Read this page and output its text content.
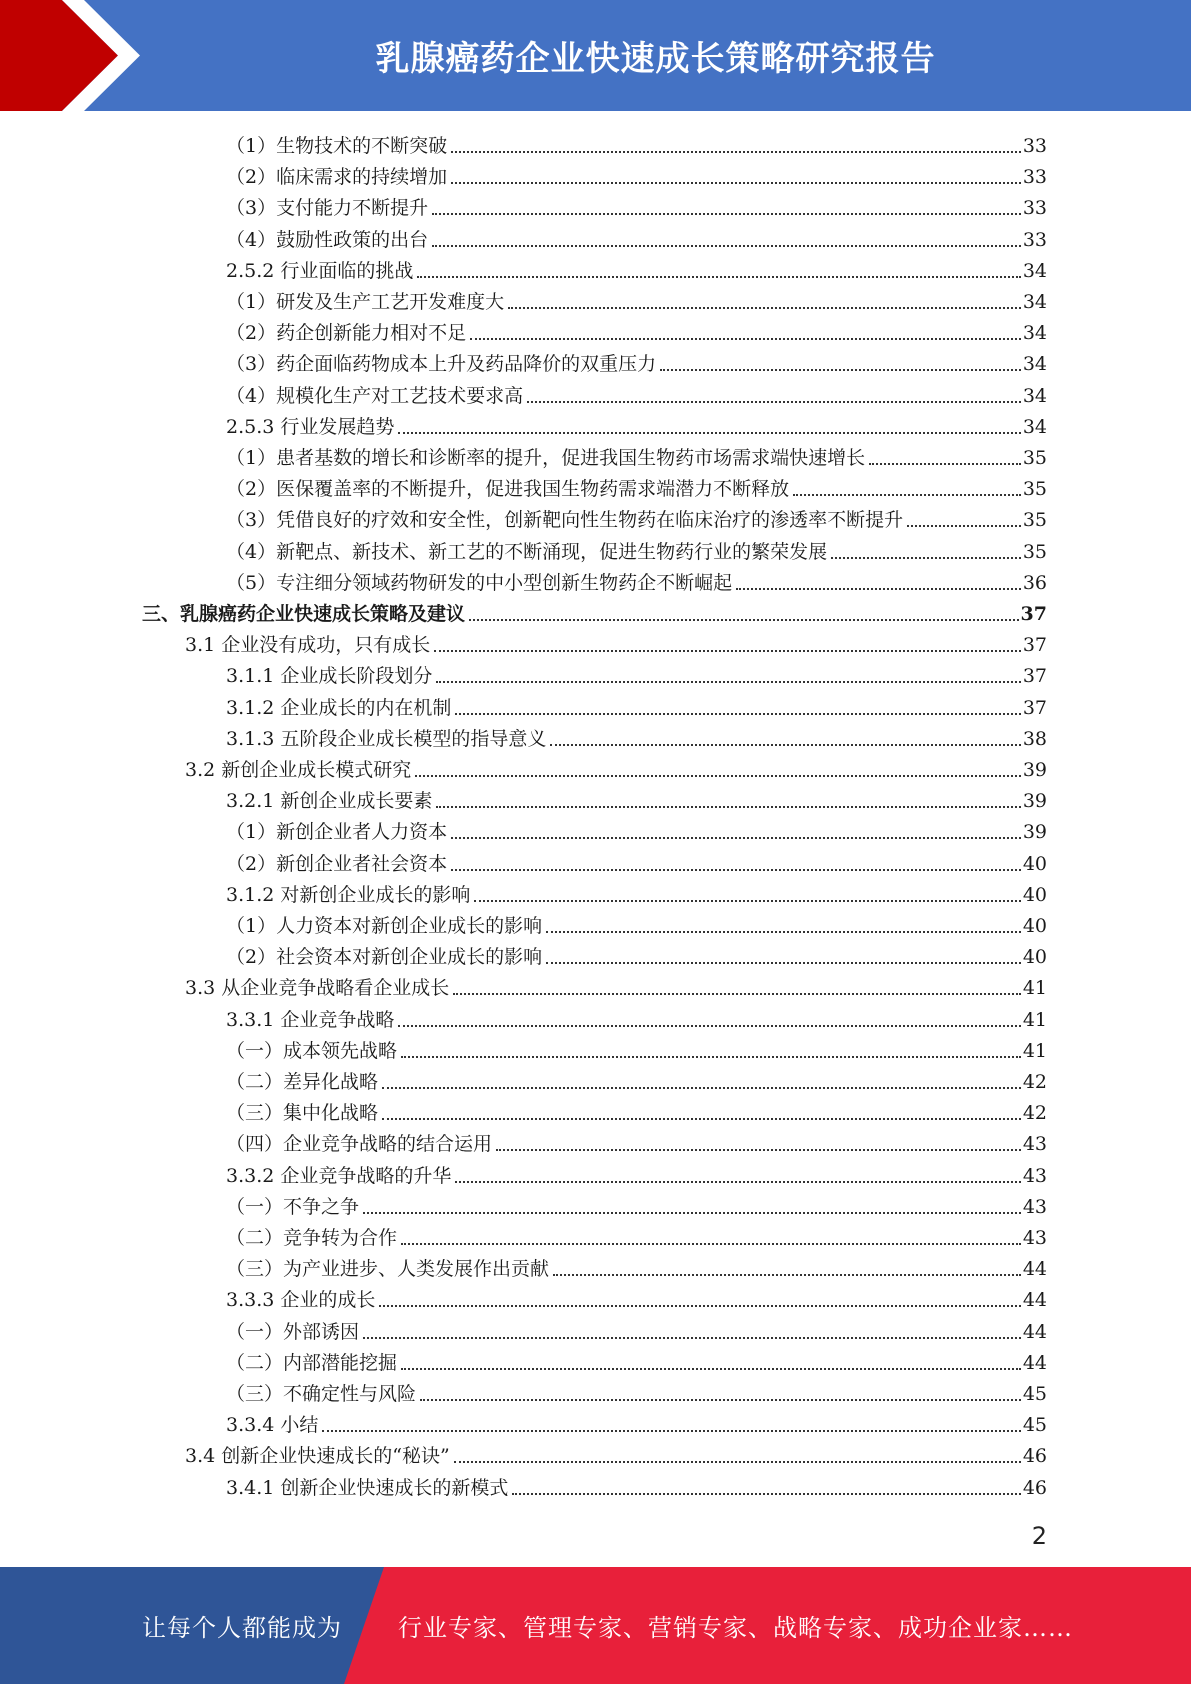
乳腺癌药企业快速成长策略研究报告
（1）生物技术的不断突破	33
（2）临床需求的持续增加	33
（3）支付能力不断提升	33
（4）鼓励性政策的出台	33
2.5.2 行业面临的挑战	34
（1）研发及生产工艺开发难度大	34
（2）药企创新能力相对不足	34
（3）药企面临药物成本上升及药品降价的双重压力	34
（4）规模化生产对工艺技术要求高	34
2.5.3 行业发展趋势	34
（1）患者基数的增长和诊断率的提升，促进我国生物药市场需求端快速增长	35
（2）医保覆盖率的不断提升，促进我国生物药需求端潜力不断释放	35
（3）凭借良好的疗效和安全性，创新靶向性生物药在临床治疗的渗透率不断提升	35
（4）新靶点、新技术、新工艺的不断涌现，促进生物药行业的繁荣发展	35
（5）专注细分领域药物研发的中小型创新生物药企不断崛起	36
三、乳腺癌药企业快速成长策略及建议	37
3.1 企业没有成功，只有成长	37
3.1.1 企业成长阶段划分	37
3.1.2 企业成长的内在机制	37
3.1.3 五阶段企业成长模型的指导意义	38
3.2 新创企业成长模式研究	39
3.2.1 新创企业成长要素	39
（1）新创企业者人力资本	39
（2）新创企业者社会资本	40
3.1.2 对新创企业成长的影响	40
（1）人力资本对新创企业成长的影响	40
（2）社会资本对新创企业成长的影响	40
3.3 从企业竞争战略看企业成长	41
3.3.1 企业竞争战略	41
（一）成本领先战略	41
（二）差异化战略	42
（三）集中化战略	42
（四）企业竞争战略的结合运用	43
3.3.2 企业竞争战略的升华	43
（一）不争之争	43
（二）竞争转为合作	43
（三）为产业进步、人类发展作出贡献	44
3.3.3 企业的成长	44
（一）外部诱因	44
（二）内部潜能挖掘	44
（三）不确定性与风险	45
3.3.4 小结	45
3.4 创新企业快速成长的“秘诀”	46
3.4.1 创新企业快速成长的新模式	46
2
让每个人都能成为 行业专家、管理专家、营销专家、战略专家、成功企业家……
